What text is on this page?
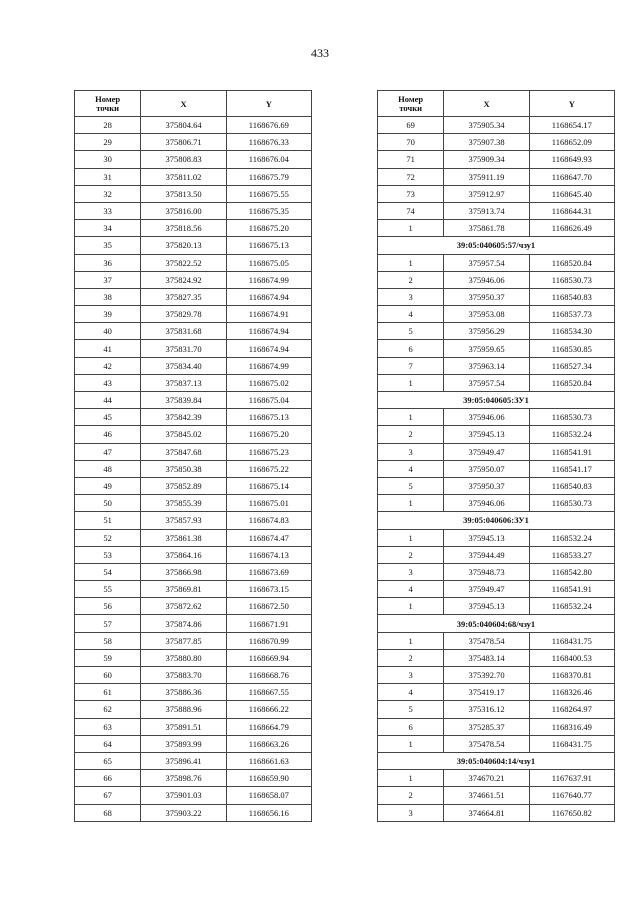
433
Номер
точки	X	Y
28	375804.64	1168676.69
29	375806.71	1168676.33
30	375808.83	1168676.04
31	375811.02	1168675.79
32	375813.50	1168675.55
33	375816.00	1168675.35
34	375818.56	1168675.20
35	375820.13	1168675.13
36	375822.52	1168675.05
37	375824.92	1168674.99
38	375827.35	1168674.94
39	375829.78	1168674.91
40	375831.68	1168674.94
41	375831.70	1168674.94
42	375834.40	1168674.99
43	375837.13	1168675.02
44	375839.84	1168675.04
45	375842.39	1168675.13
46	375845.02	1168675.20
47	375847.68	1168675.23
48	375850.38	1168675.22
49	375852.89	1168675.14
50	375855.39	1168675.01
51	375857.93	1168674.83
52	375861.38	1168674.47
53	375864.16	1168674.13
54	375866.98	1168673.69
55	375869.81	1168673.15
56	375872.62	1168672.50
57	375874.86	1168671.91
58	375877.85	1168670.99
59	375880.80	1168669.94
60	375883.70	1168668.76
61	375886.36	1168667.55
62	375888.96	1168666.22
63	375891.51	1168664.79
64	375893.99	1168663.26
65	375896.41	1168661.63
66	375898.76	1168659.90
67	375901.03	1168658.07
68	375903.22	1168656.16
Номер
точки	X	Y
69	375905.34	1168654.17
70	375907.38	1168652.09
71	375909.34	1168649.93
72	375911.19	1168647.70
73	375912.97	1168645.40
74	375913.74	1168644.31
1	375861.78	1168626.49
39:05:040605:57/чзу1		
1	375957.54	1168520.84
2	375946.06	1168530.73
3	375950.37	1168540.83
4	375953.08	1168537.73
5	375956.29	1168534.30
6	375959.65	1168530.85
7	375963.14	1168527.34
1	375957.54	1168520.84
39:05:040605:ЗУ1		
1	375946.06	1168530.73
2	375945.13	1168532.24
3	375949.47	1168541.91
4	375950.07	1168541.17
5	375950.37	1168540.83
1	375946.06	1168530.73
39:05:040606:ЗУ1		
1	375945.13	1168532.24
2	375944.49	1168533.27
3	375948.73	1168542.80
4	375949.47	1168541.91
1	375945.13	1168532.24
39:05:040604:68/чзу1		
1	375478.54	1168431.75
2	375483.14	1168400.53
3	375392.70	1168370.81
4	375419.17	1168326.46
5	375316.12	1168264.97
6	375285.37	1168316.49
1	375478.54	1168431.75
39:05:040604:14/чзу1		
1	374670.21	1167637.91
2	374661.51	1167640.77
3	374664.81	1167650.82
